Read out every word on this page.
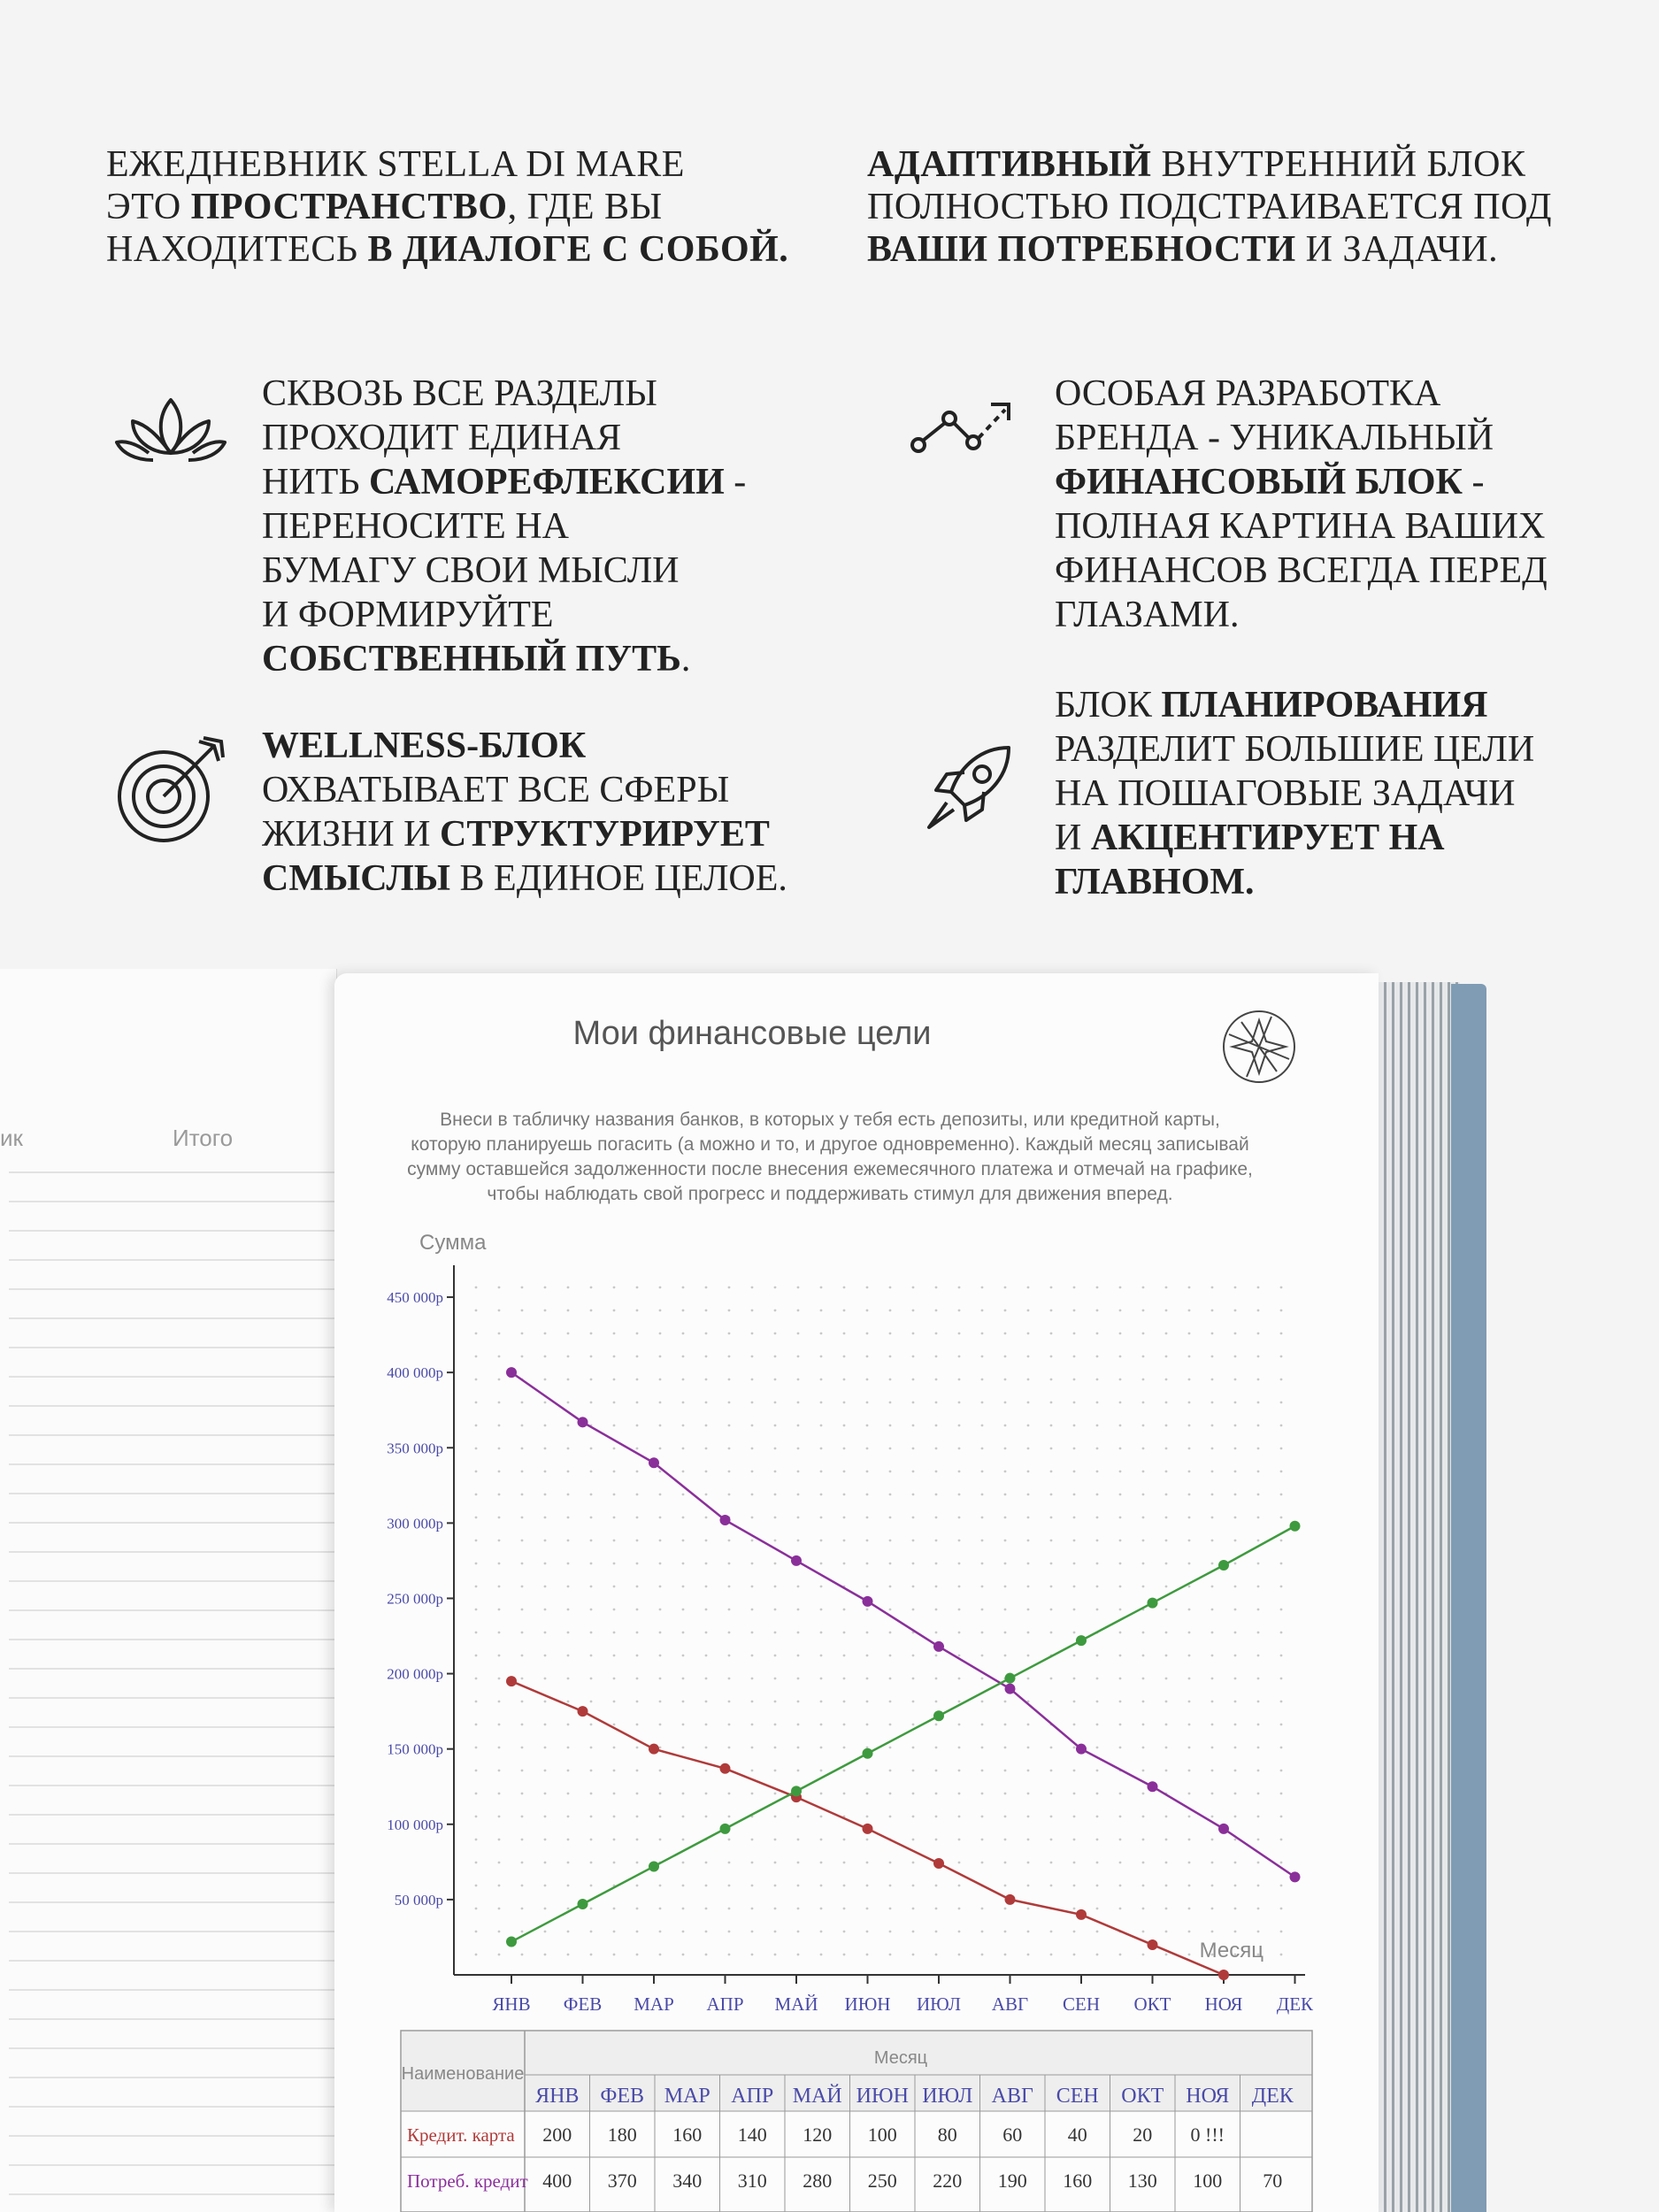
ЕЖЕДНЕВНИК STELLA DI MARE
ЭТО ПРОСТРАНСТВО, ГДЕ ВЫ
НАХОДИТЕСЬ В ДИАЛОГЕ С СОБОЙ.
АДАПТИВНЫЙ ВНУТРЕННИЙ БЛОК
ПОЛНОСТЬЮ ПОДСТРАИВАЕТСЯ ПОД
ВАШИ ПОТРЕБНОСТИ И ЗАДАЧИ.
СКВОЗЬ ВСЕ РАЗДЕЛЫ
ПРОХОДИТ ЕДИНАЯ
НИТЬ САМОРЕФЛЕКСИИ -
ПЕРЕНОСИТЕ НА
БУМАГУ СВОИ МЫСЛИ
И ФОРМИРУЙТЕ
СОБСТВЕННЫЙ ПУТЬ.
ОСОБАЯ РАЗРАБОТКА
БРЕНДА - УНИКАЛЬНЫЙ
ФИНАНСОВЫЙ БЛОК -
ПОЛНАЯ КАРТИНА ВАШИХ
ФИНАНСОВ ВСЕГДА ПЕРЕД
ГЛАЗАМИ.
WELLNESS-БЛОК
ОХВАТЫВАЕТ ВСЕ СФЕРЫ
ЖИЗНИ И СТРУКТУРИРУЕТ
СМЫСЛЫ В ЕДИНОЕ ЦЕЛОЕ.
БЛОК ПЛАНИРОВАНИЯ
РАЗДЕЛИТ БОЛЬШИЕ ЦЕЛИ
НА ПОШАГОВЫЕ ЗАДАЧИ
И АКЦЕНТИРУЕТ НА
ГЛАВНОМ.
ик	Итого
Мои финансовые цели
Внеси в табличку названия банков, в которых у тебя есть депозиты, или кредитной карты,
которую планируешь погасить (а можно и то, и другое одновременно). Каждый месяц записывай
сумму оставшейся задолженности после внесения ежемесячного платежа и отмечай на графике,
чтобы наблюдать свой прогресс и поддерживать стимул для движения вперед.
Сумма
Месяц
50 000р
100 000р
150 000р
200 000р
250 000р
300 000р
350 000р
400 000р
450 000р
ЯНВ ФЕВ МАР АПР МАЙ ИЮН ИЮЛ АВГ СЕН ОКТ НОЯ ДЕК
Наименование
Месяц
ЯНВ ФЕВ МАР АПР МАЙ ИЮН ИЮЛ АВГ СЕН ОКТ НОЯ ДЕК
Кредит. карта 200 180 160 140 120 100 80 60 40 20 0 !!!
Потреб. кредит 400 370 340 310 280 250 220 190 160 130 100 70
